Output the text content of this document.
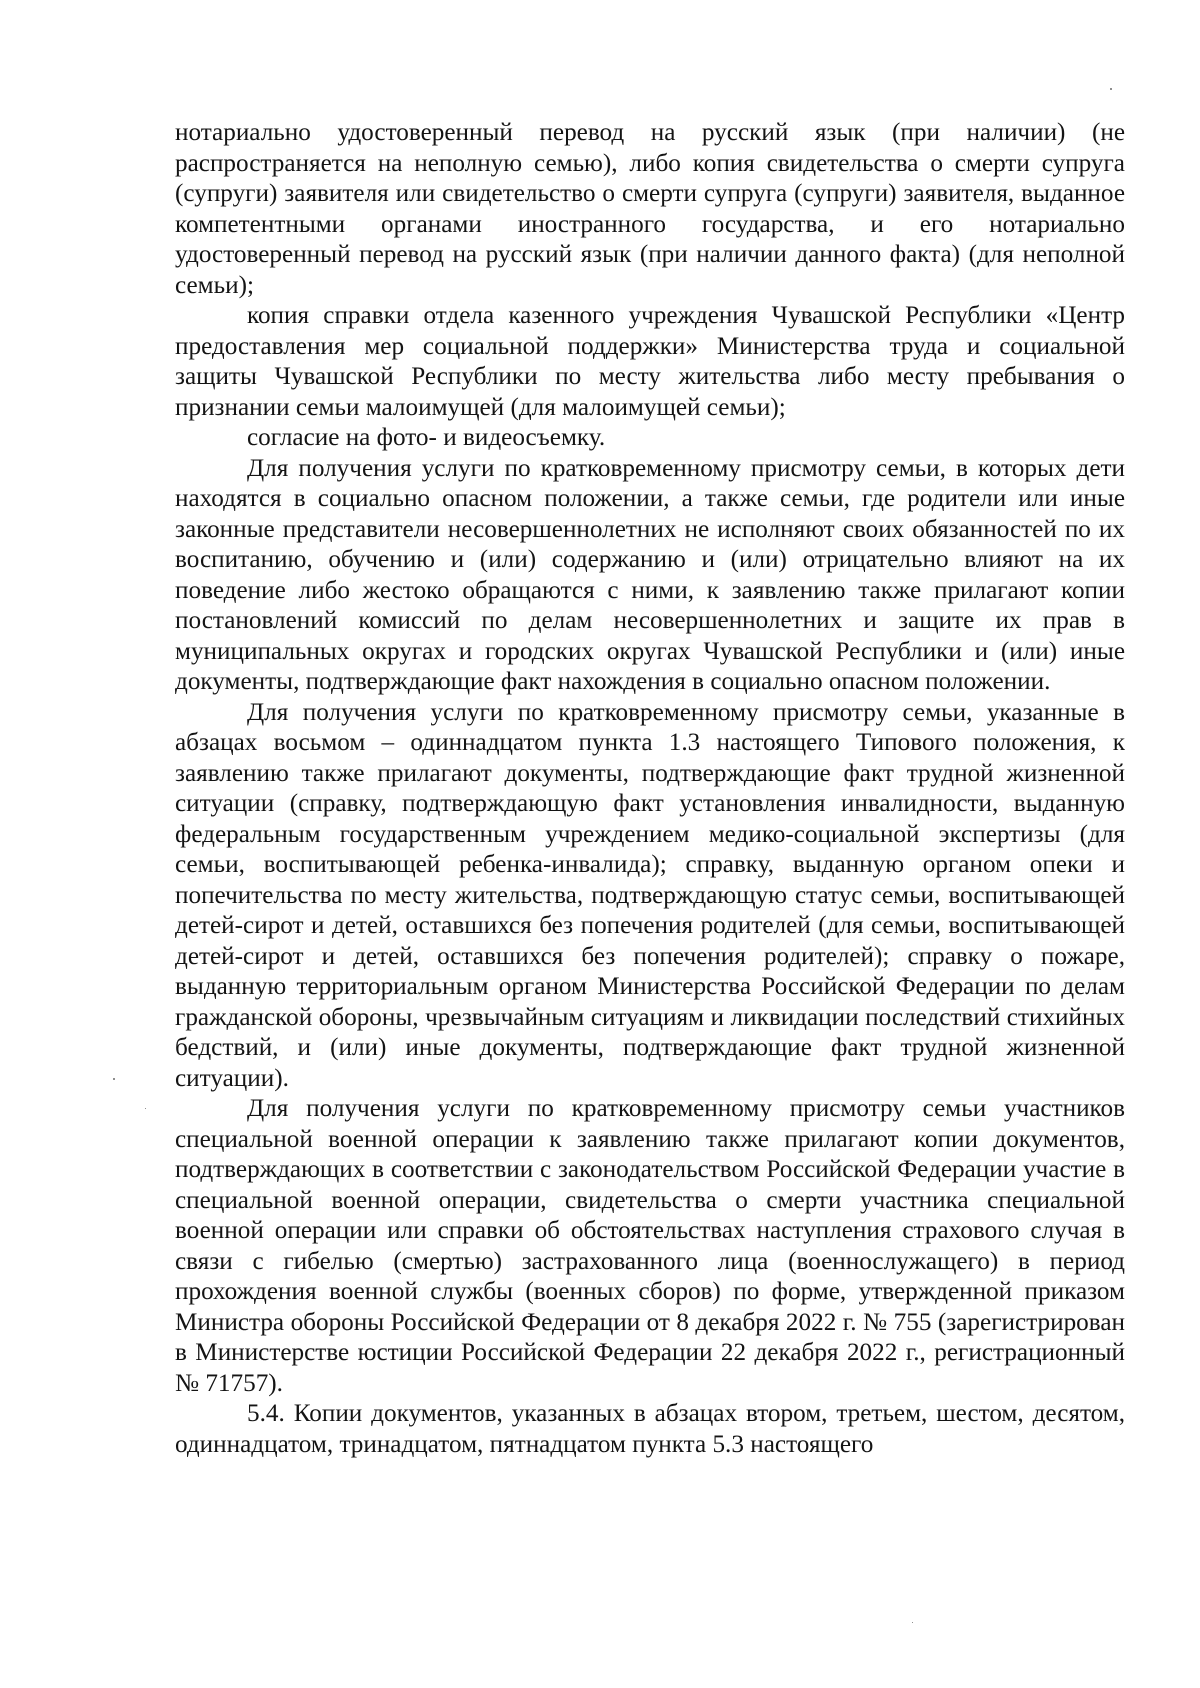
нотариально удостоверенный перевод на русский язык (при наличии) (не распространяется на неполную семью), либо копия свидетельства о смерти супруга (супруги) заявителя или свидетельство о смерти супруга (супруги) заявителя, выданное компетентными органами иностранного государства, и его нотариально удостоверенный перевод на русский язык (при наличии данного факта) (для неполной семьи);

копия справки отдела казенного учреждения Чувашской Республики «Центр предоставления мер социальной поддержки» Министерства труда и социальной защиты Чувашской Республики по месту жительства либо месту пребывания о признании семьи малоимущей (для малоимущей семьи);

согласие на фото- и видеосъемку.

Для получения услуги по кратковременному присмотру семьи, в которых дети находятся в социально опасном положении, а также семьи, где родители или иные законные представители несовершеннолетних не исполняют своих обязанностей по их воспитанию, обучению и (или) содержанию и (или) отрицательно влияют на их поведение либо жестоко обращаются с ними, к заявлению также прилагают копии постановлений комиссий по делам несовершеннолетних и защите их прав в муниципальных округах и городских округах Чувашской Республики и (или) иные документы, подтверждающие факт нахождения в социально опасном положении.

Для получения услуги по кратковременному присмотру семьи, указанные в абзацах восьмом – одиннадцатом пункта 1.3 настоящего Типового положения, к заявлению также прилагают документы, подтверждающие факт трудной жизненной ситуации (справку, подтверждающую факт установления инвалидности, выданную федеральным государственным учреждением медико-социальной экспертизы (для семьи, воспитывающей ребенка-инвалида); справку, выданную органом опеки и попечительства по месту жительства, подтверждающую статус семьи, воспитывающей детей-сирот и детей, оставшихся без попечения родителей (для семьи, воспитывающей детей-сирот и детей, оставшихся без попечения родителей); справку о пожаре, выданную территориальным органом Министерства Российской Федерации по делам гражданской обороны, чрезвычайным ситуациям и ликвидации последствий стихийных бедствий, и (или) иные документы, подтверждающие факт трудной жизненной ситуации).

Для получения услуги по кратковременному присмотру семьи участников специальной военной операции к заявлению также прилагают копии документов, подтверждающих в соответствии с законодательством Российской Федерации участие в специальной военной операции, свидетельства о смерти участника специальной военной операции или справки об обстоятельствах наступления страхового случая в связи с гибелью (смертью) застрахованного лица (военнослужащего) в период прохождения военной службы (военных сборов) по форме, утвержденной приказом Министра обороны Российской Федерации от 8 декабря 2022 г. № 755 (зарегистрирован в Министерстве юстиции Российской Федерации 22 декабря 2022 г., регистрационный № 71757).

5.4. Копии документов, указанных в абзацах втором, третьем, шестом, десятом, одиннадцатом, тринадцатом, пятнадцатом пункта 5.3 настоящего
